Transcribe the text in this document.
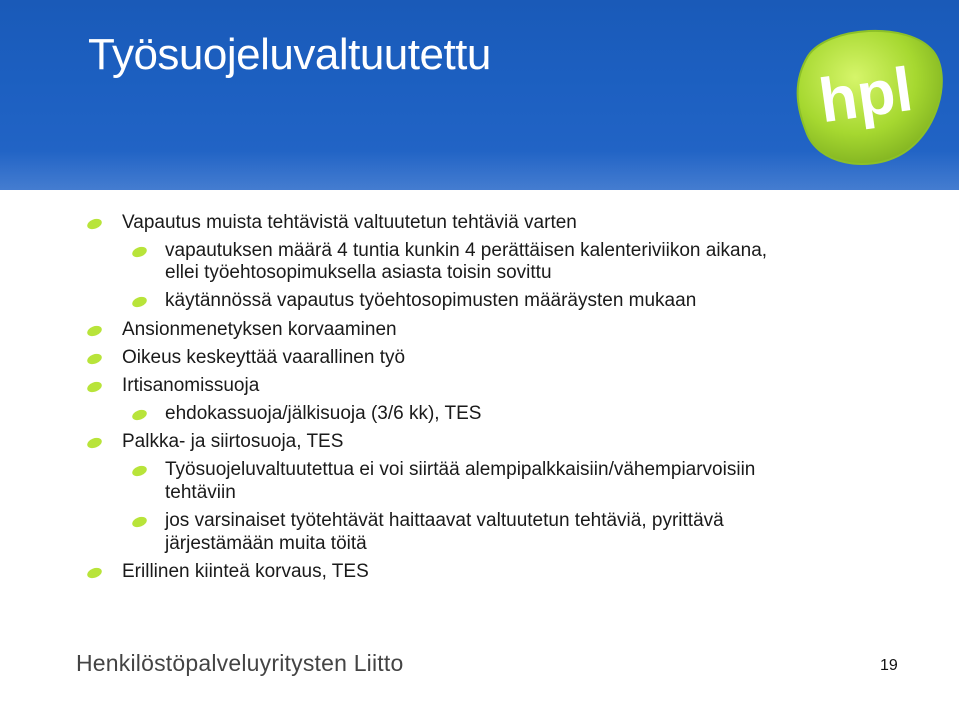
Työsuojeluvaltuutettu
hpl
Vapautus muista tehtävistä valtuutetun tehtäviä varten
vapautuksen määrä 4 tuntia kunkin 4 perättäisen kalenteriviikon aikana,
ellei työehtosopimuksella asiasta toisin sovittu
käytännössä vapautus työehtosopimusten määräysten mukaan
Ansionmenetyksen korvaaminen
Oikeus keskeyttää vaarallinen työ
Irtisanomissuoja
ehdokassuoja/jälkisuoja (3/6 kk), TES
Palkka- ja siirtosuoja, TES
Työsuojeluvaltuutettua ei voi siirtää alempipalkkaisiin/vähempiarvoisiin
tehtäviin
jos varsinaiset työtehtävät haittaavat valtuutetun tehtäviä, pyrittävä
järjestämään muita töitä
Erillinen kiinteä korvaus, TES
Henkilöstöpalveluyritysten Liitto	19
